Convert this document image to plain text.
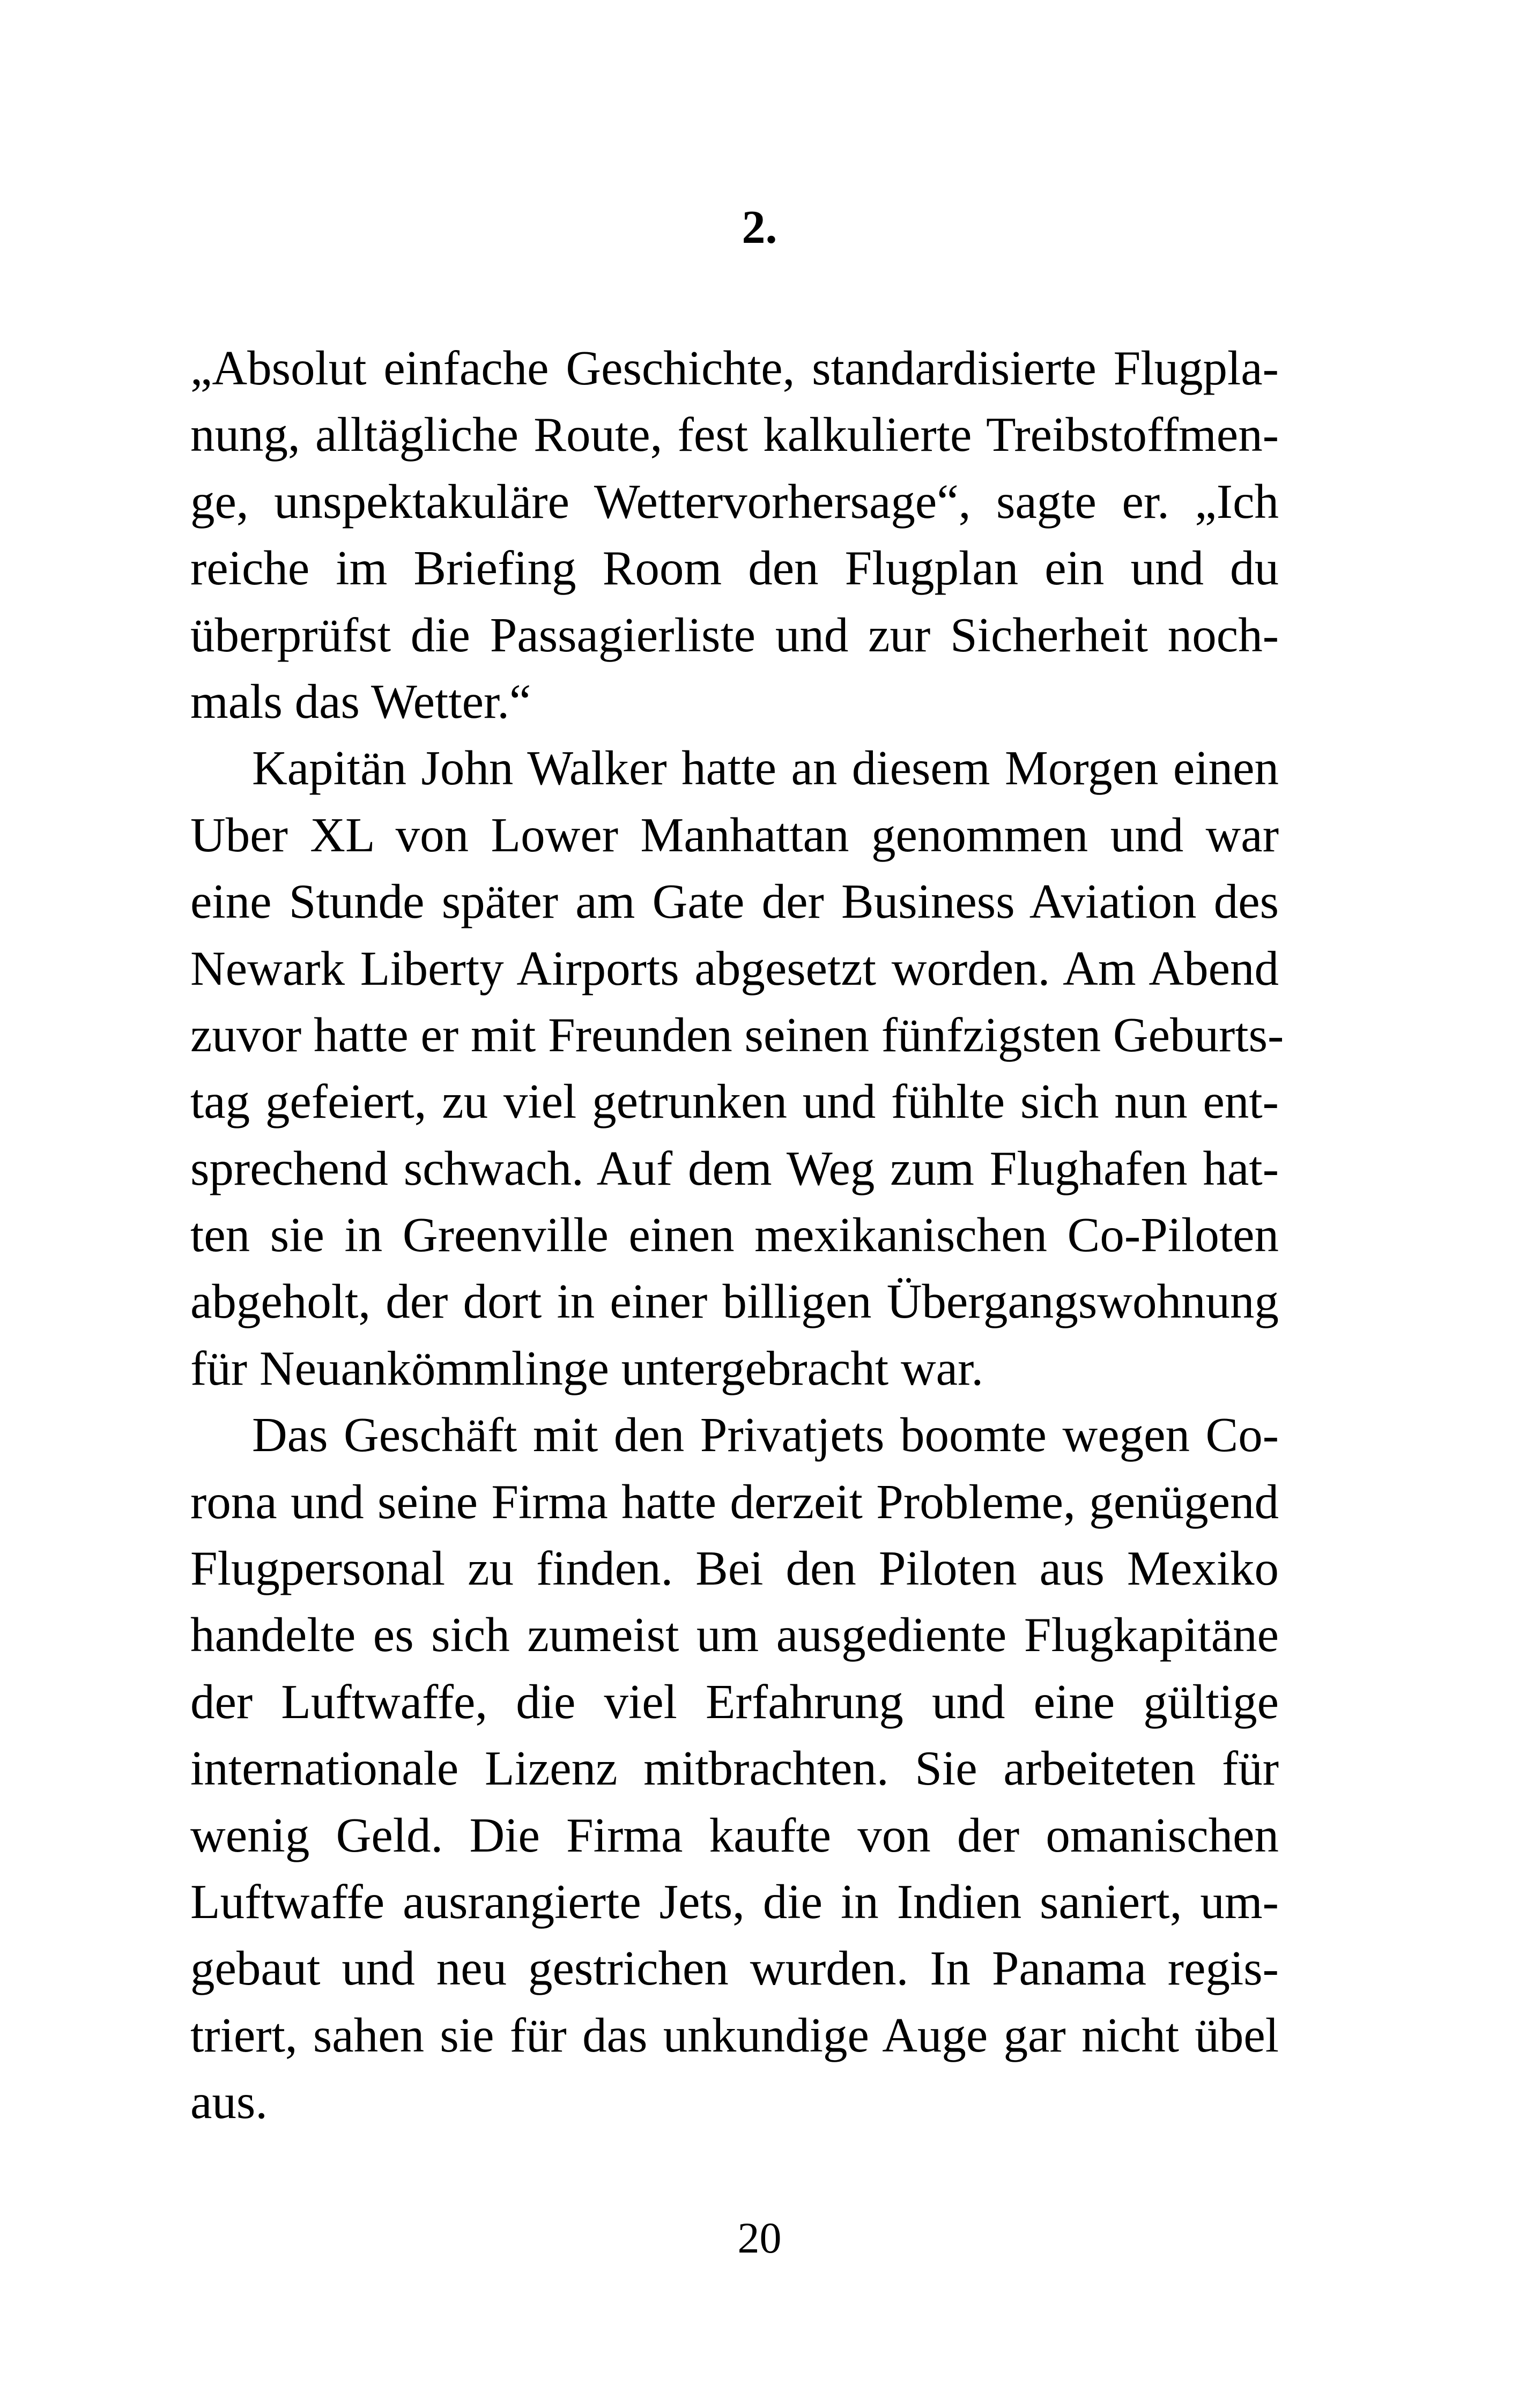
2.
„Absolut einfache Geschichte, standardisierte Flugpla-
nung, alltägliche Route, fest kalkulierte Treibstoffmen-
ge, unspektakuläre Wettervorhersage“, sagte er. „Ich
reiche im Briefing Room den Flugplan ein und du
überprüfst die Passagierliste und zur Sicherheit noch-
mals das Wetter.“
Kapitän John Walker hatte an diesem Morgen einen
Uber XL von Lower Manhattan genommen und war
eine Stunde später am Gate der Business Aviation des
Newark Liberty Airports abgesetzt worden. Am Abend
zuvor hatte er mit Freunden seinen fünfzigsten Geburts-
tag gefeiert, zu viel getrunken und fühlte sich nun ent-
sprechend schwach. Auf dem Weg zum Flughafen hat-
ten sie in Greenville einen mexikanischen Co-Piloten
abgeholt, der dort in einer billigen Übergangswohnung
für Neuankömmlinge untergebracht war.
Das Geschäft mit den Privatjets boomte wegen Co-
rona und seine Firma hatte derzeit Probleme, genügend
Flugpersonal zu finden. Bei den Piloten aus Mexiko
handelte es sich zumeist um ausgediente Flugkapitäne
der Luftwaffe, die viel Erfahrung und eine gültige
internationale Lizenz mitbrachten. Sie arbeiteten für
wenig Geld. Die Firma kaufte von der omanischen
Luftwaffe ausrangierte Jets, die in Indien saniert, um-
gebaut und neu gestrichen wurden. In Panama regis-
triert, sahen sie für das unkundige Auge gar nicht übel
aus.
20
